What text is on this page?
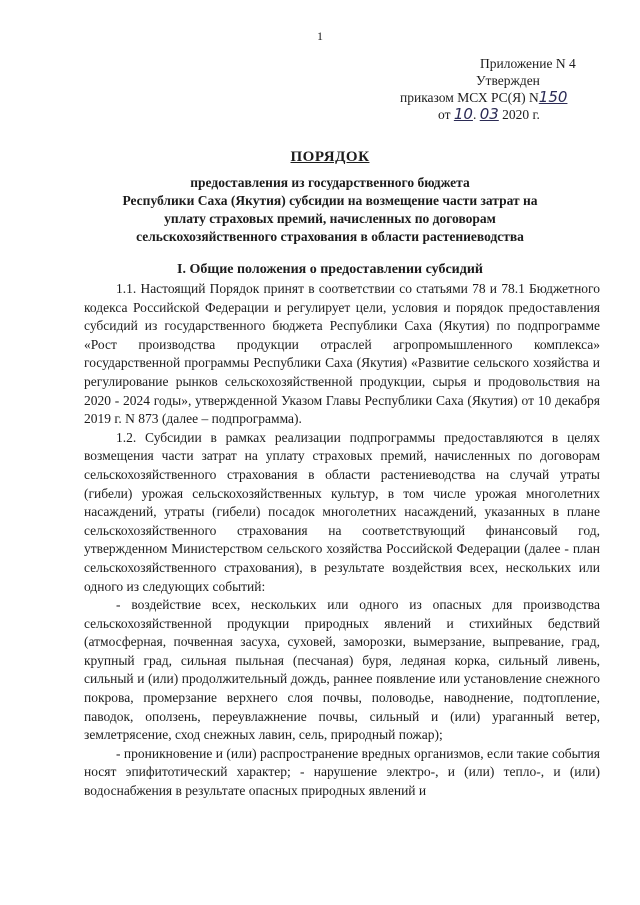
1
Приложение N 4
Утвержден
приказом МСХ РС(Я) N150
от 10. 03 2020 г.
ПОРЯДОК
предоставления из государственного бюджета
Республики Саха (Якутия) субсидии на возмещение части затрат на
уплату страховых премий, начисленных по договорам
сельскохозяйственного страхования в области растениеводства
I. Общие положения о предоставлении субсидий

1.1. Настоящий Порядок принят в соответствии со статьями 78 и 78.1 Бюджетного кодекса Российской Федерации и регулирует цели, условия и порядок предоставления субсидий из государственного бюджета Республики Саха (Якутия) по подпрограмме «Рост производства продукции отраслей агропромышленного комплекса» государственной программы Республики Саха (Якутия) «Развитие сельского хозяйства и регулирование рынков сельскохозяйственной продукции, сырья и продовольствия на 2020 - 2024 годы», утвержденной Указом Главы Республики Саха (Якутия) от 10 декабря 2019 г. N 873 (далее – подпрограмма).

1.2. Субсидии в рамках реализации подпрограммы предоставляются в целях возмещения части затрат на уплату страховых премий, начисленных по договорам сельскохозяйственного страхования в области растениеводства на случай утраты (гибели) урожая сельскохозяйственных культур, в том числе урожая многолетних насаждений, утраты (гибели) посадок многолетних насаждений, указанных в плане сельскохозяйственного страхования на соответствующий финансовый год, утвержденном Министерством сельского хозяйства Российской Федерации (далее - план сельскохозяйственного страхования), в результате воздействия всех, нескольких или одного из следующих событий:

- воздействие всех, нескольких или одного из опасных для производства сельскохозяйственной продукции природных явлений и стихийных бедствий (атмосферная, почвенная засуха, суховей, заморозки, вымерзание, выпревание, град, крупный град, сильная пыльная (песчаная) буря, ледяная корка, сильный ливень, сильный и (или) продолжительный дождь, раннее появление или установление снежного покрова, промерзание верхнего слоя почвы, половодье, наводнение, подтопление, паводок, оползень, переувлажнение почвы, сильный и (или) ураганный ветер, землетрясение, сход снежных лавин, сель, природный пожар);

- проникновение и (или) распространение вредных организмов, если такие события носят эпифитотический характер; - нарушение электро-, и (или) тепло-, и (или) водоснабжения в результате опасных природных явлений и
